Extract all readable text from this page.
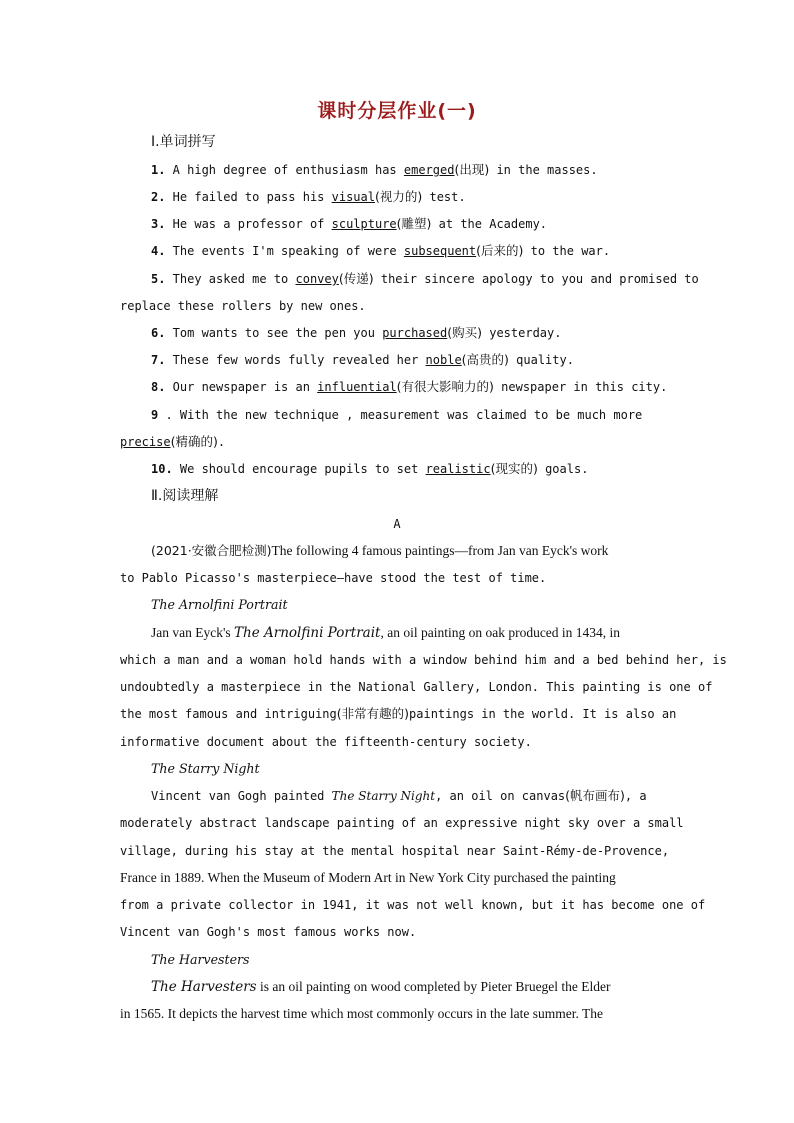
课时分层作业(一)
Ⅰ.单词拼写
1. A high degree of enthusiasm has emerged(出现) in the masses.
2. He failed to pass his visual(视力的) test.
3. He was a professor of sculpture(雕塑) at the Academy.
4. The events I'm speaking of were subsequent(后来的) to the war.
5. They asked me to convey(传递) their sincere apology to you and promised to
replace these rollers by new ones.
6. Tom wants to see the pen you purchased(购买) yesterday.
7. These few words fully revealed her noble(高贵的) quality.
8. Our newspaper is an influential(有很大影响力的) newspaper in this city.
9 . With the new technique , measurement was claimed to be much more
precise(精确的).
10. We should encourage pupils to set realistic(现实的) goals.
Ⅱ.阅读理解
A
(2021·安徽合肥检测)The following 4 famous paintings—from Jan van Eyck's work
to Pablo Picasso's masterpiece—have stood the test of time.
The Arnolfini Portrait
Jan van Eyck's The Arnolfini Portrait, an oil painting on oak produced in 1434, in
which a man and a woman hold hands with a window behind him and a bed behind her, is
undoubtedly a masterpiece in the National Gallery, London. This painting is one of
the most famous and intriguing(非常有趣的)paintings in the world. It is also an
informative document about the fifteenth-century society.
The Starry Night
Vincent van Gogh painted The Starry Night, an oil on canvas(帆布画布), a
moderately abstract landscape painting of an expressive night sky over a small
village, during his stay at the mental hospital near Saint-Rémy-de-Provence,
France in 1889. When the Museum of Modern Art in New York City purchased the painting
from a private collector in 1941, it was not well known, but it has become one of
Vincent van Gogh's most famous works now.
The Harvesters
The Harvesters is an oil painting on wood completed by Pieter Bruegel the Elder
in 1565. It depicts the harvest time which most commonly occurs in the late summer. The
